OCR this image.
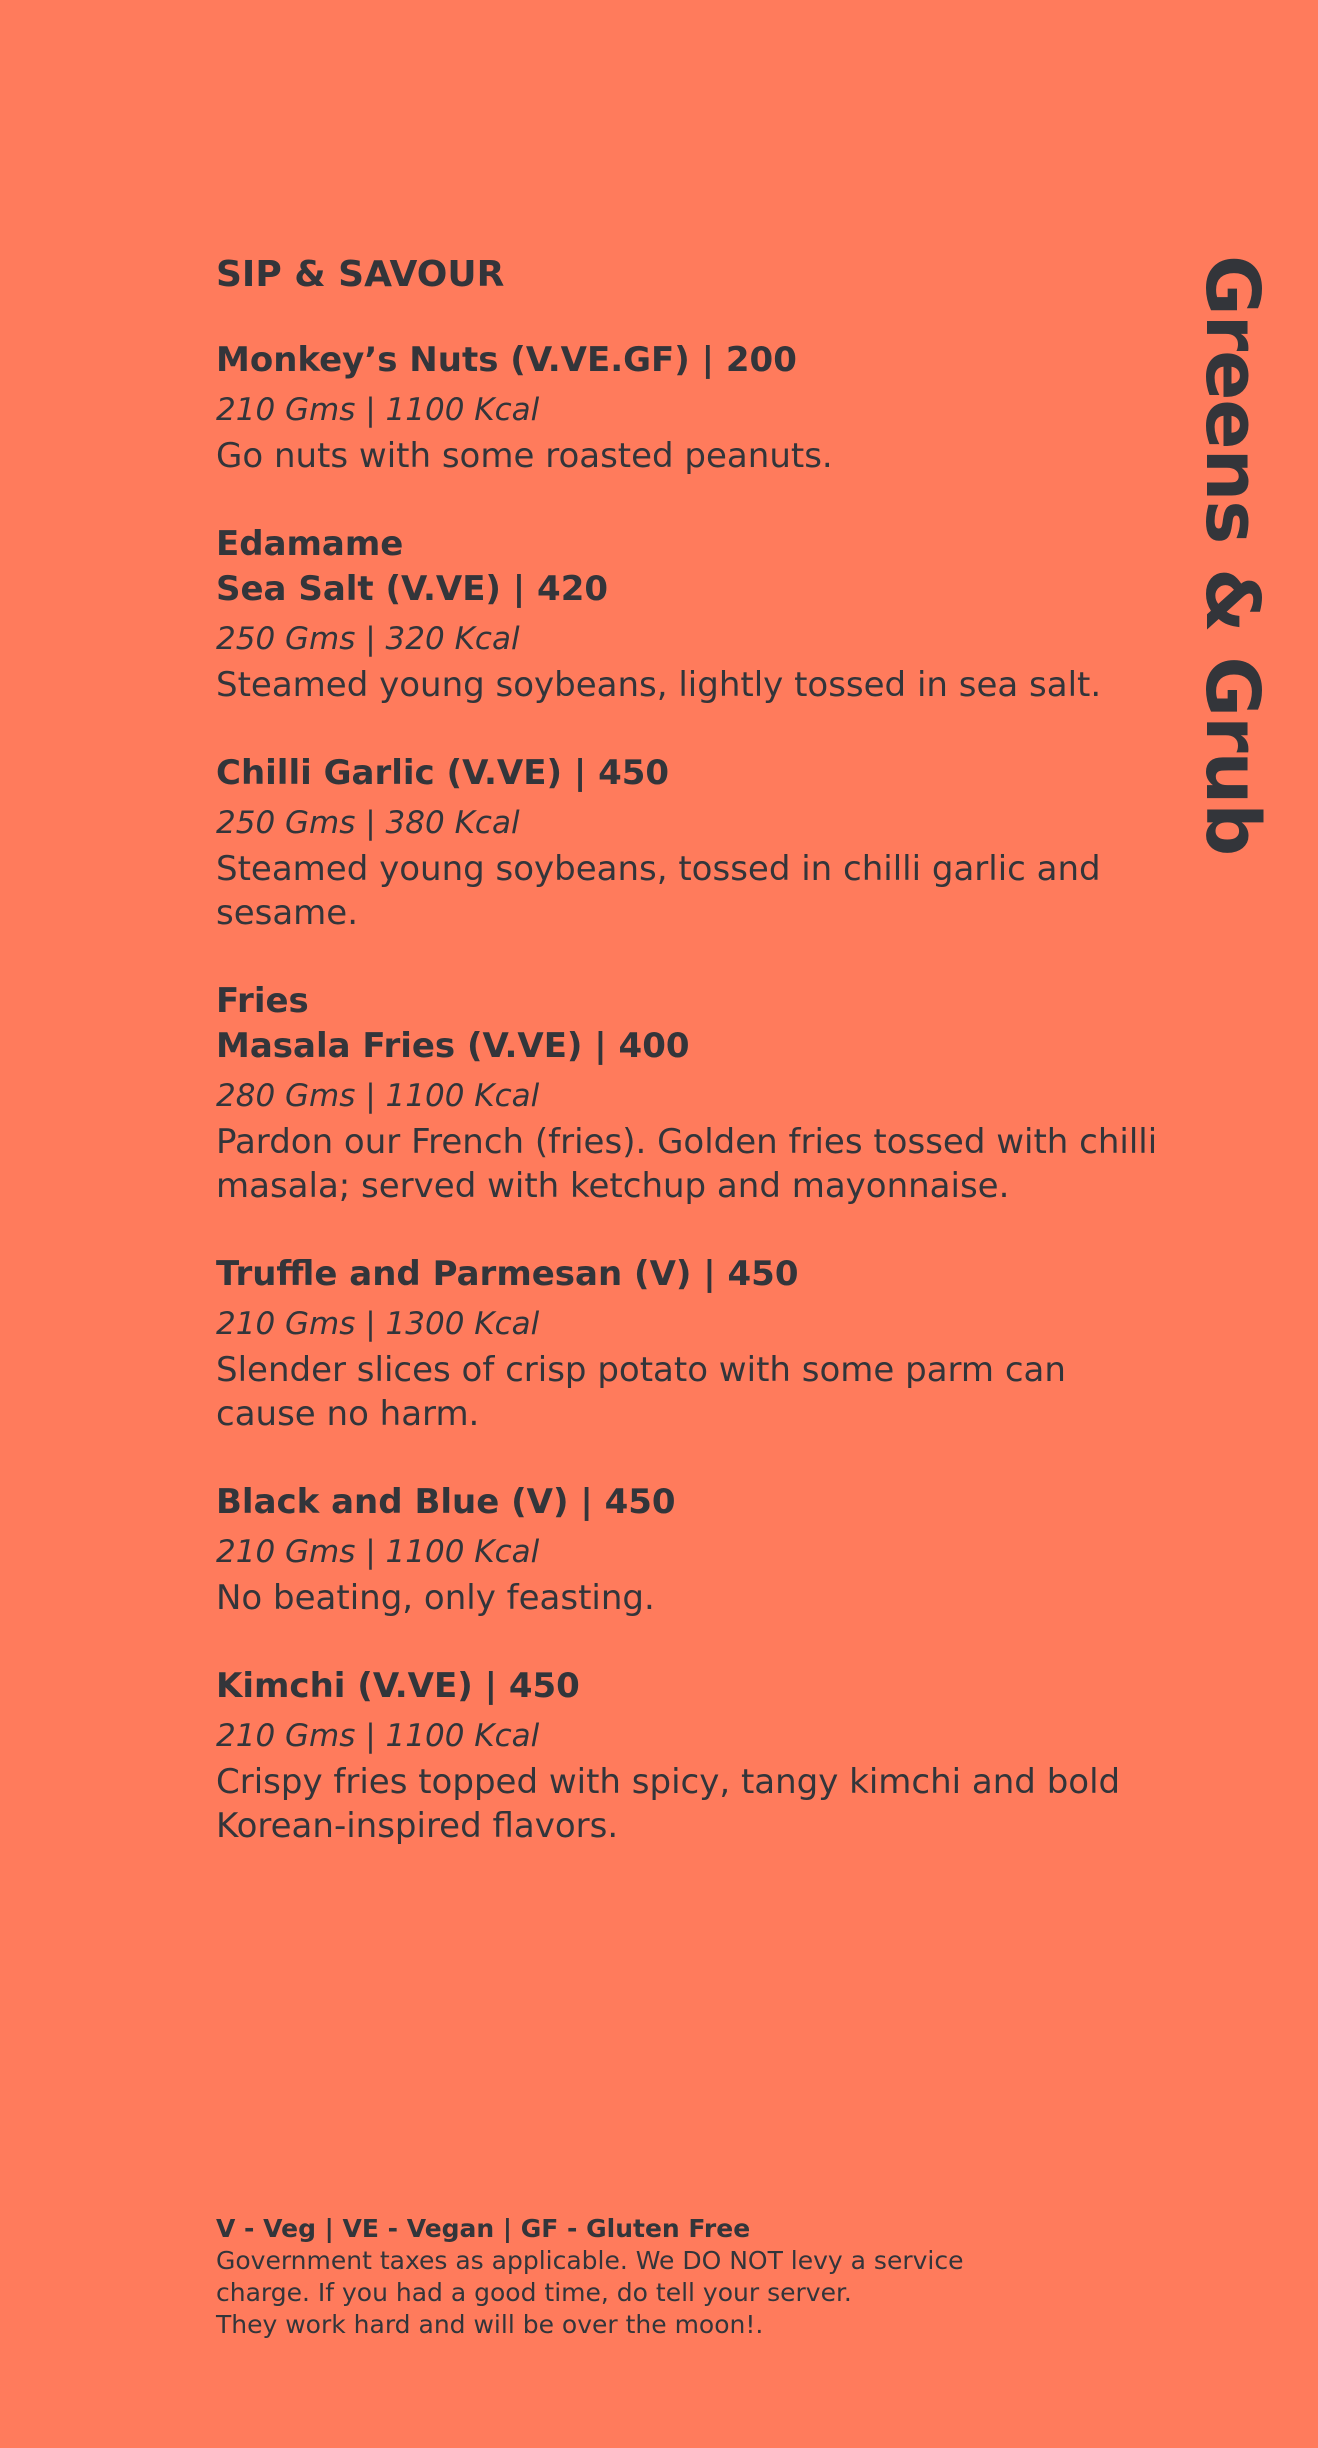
SIP & SAVOUR
Monkey’s Nuts (V.VE.GF) | 200
210 Gms | 1100 Kcal
Go nuts with some roasted peanuts.
Edamame
Sea Salt (V.VE) | 420
250 Gms | 320 Kcal
Steamed young soybeans, lightly tossed in sea salt.
Chilli Garlic (V.VE) | 450
250 Gms | 380 Kcal
Steamed young soybeans, tossed in chilli garlic and sesame.
Fries
Masala Fries (V.VE) | 400
280 Gms | 1100 Kcal
Pardon our French (fries). Golden fries tossed with chilli masala; served with ketchup and mayonnaise.
Truffle and Parmesan (V) | 450
210 Gms | 1300 Kcal
Slender slices of crisp potato with some parm can cause no harm.
Black and Blue (V) | 450
210 Gms | 1100 Kcal
No beating, only feasting.
Kimchi (V.VE) | 450
210 Gms | 1100 Kcal
Crispy fries topped with spicy, tangy kimchi and bold Korean-inspired flavors.
Greens & Grub
V - Veg | VE - Vegan | GF - Gluten Free
Government taxes as applicable. We DO NOT levy a service
charge. If you had a good time, do tell your server.
They work hard and will be over the moon!.
